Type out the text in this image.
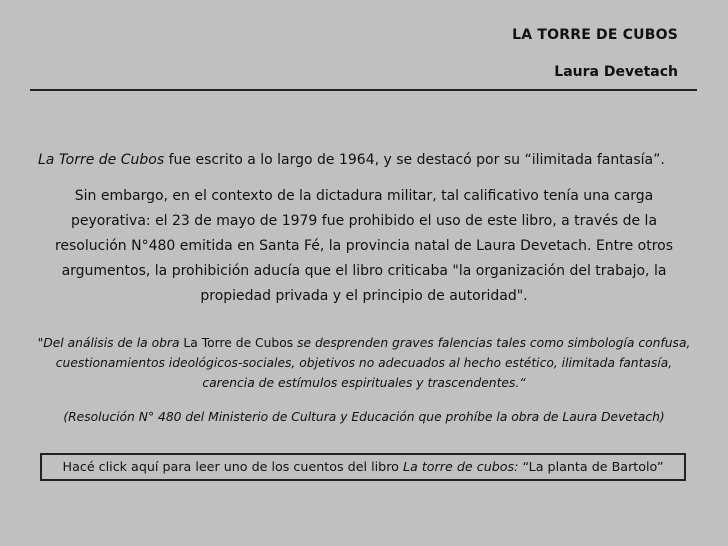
LA TORRE DE CUBOS
Laura Devetach
La Torre de Cubos fue escrito a lo largo de 1964, y se destacó por su “ilimitada fantasía”.
Sin embargo, en el contexto de la dictadura militar, tal calificativo tenía una carga peyorativa: el 23 de mayo de 1979 fue prohibido el uso de este libro, a través de la resolución N°480 emitida en Santa Fé, la provincia natal de Laura Devetach. Entre otros argumentos, la prohibición aducía que el libro criticaba "la organización del trabajo, la propiedad privada y el principio de autoridad".
"Del análisis de la obra La Torre de Cubos se desprenden graves falencias tales como simbología confusa, cuestionamientos ideológicos-sociales, objetivos no adecuados al hecho estético, ilimitada fantasía, carencia de estímulos espirituales y trascendentes.“
(Resolución N° 480 del Ministerio de Cultura y Educación que prohíbe la obra de Laura Devetach)
Hacé click aquí para leer uno de los cuentos del libro La torre de cubos: “La planta de Bartolo”
